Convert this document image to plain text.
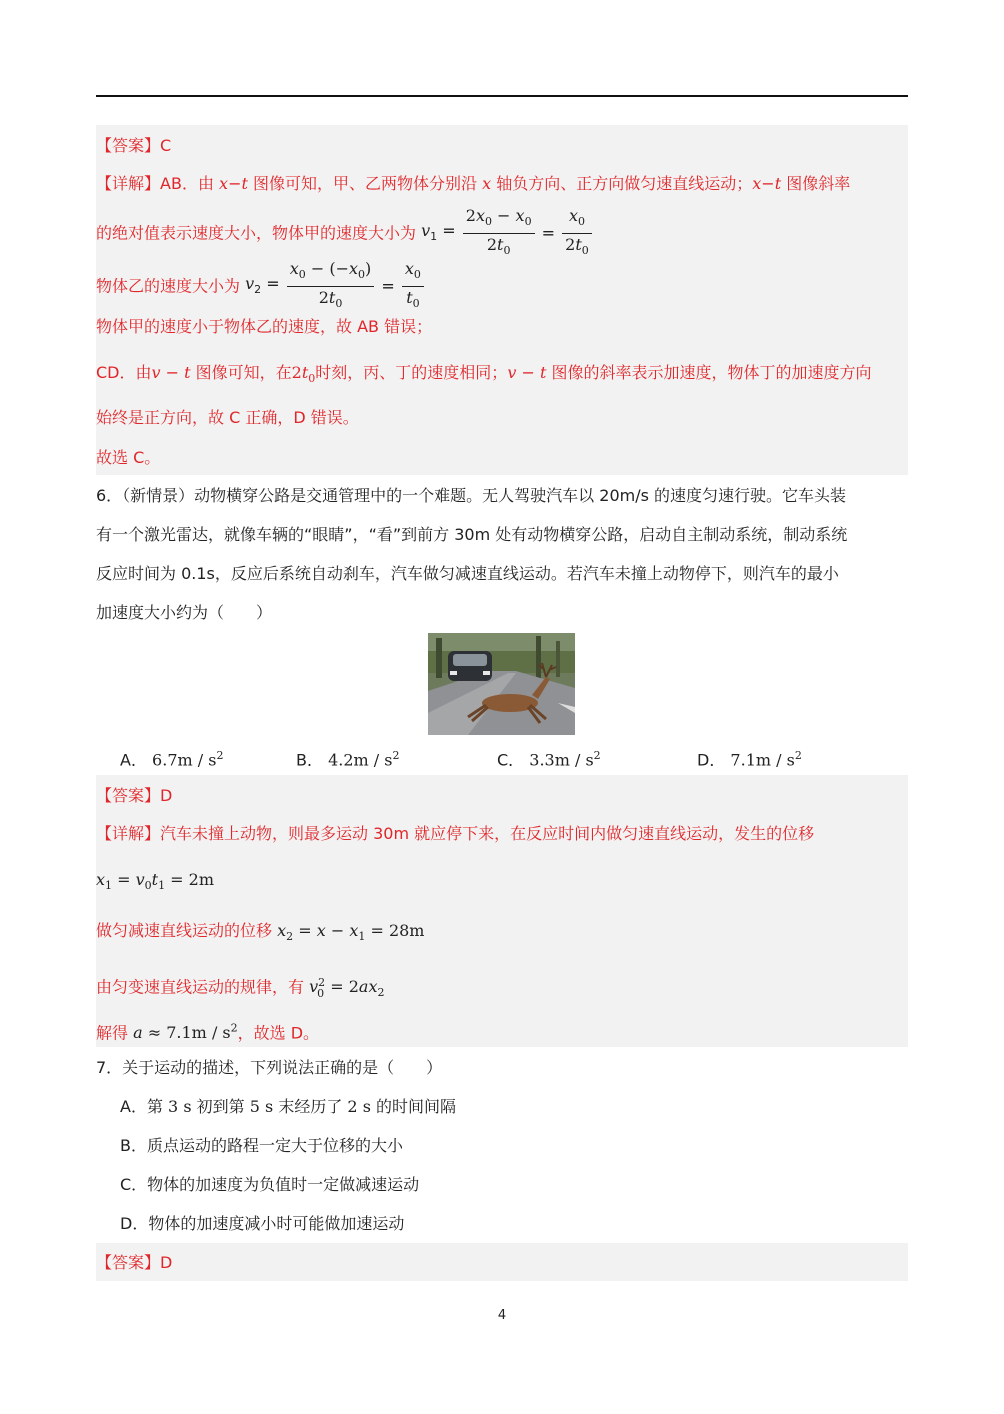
【答案】C
【详解】AB．由 x−t 图像可知，甲、乙两物体分别沿 x 轴负方向、正方向做匀速直线运动；x−t 图像斜率
的绝对值表示速度大小，物体甲的速度大小为 $v_1 = \frac{2x_0 - x_0}{2t_0} = \frac{x_0}{2t_0}$
物体乙的速度大小为 $v_2 = \frac{x_0 - (-x_0)}{2t_0} = \frac{x_0}{t_0}$
物体甲的速度小于物体乙的速度，故 AB 错误；
CD．由v − t 图像可知，在$2t_0$时刻，丙、丁的速度相同；v − t 图像的斜率表示加速度，物体丁的加速度方向
始终是正方向，故 C 正确，D 错误。
故选 C。
6．（新情景）动物横穿公路是交通管理中的一个难题。无人驾驶汽车以 20m/s 的速度匀速行驶。它车头装
有一个激光雷达，就像车辆的“眼睛”，“看”到前方 30m 处有动物横穿公路，启动自主制动系统，制动系统
反应时间为 0.1s，反应后系统自动刹车，汽车做匀减速直线运动。若汽车未撞上动物停下，则汽车的最小
加速度大小约为（　　）
A． $6.7m / s^2$	B． $4.2m / s^2$	C． $3.3m / s^2$	D． $7.1m / s^2$
【答案】D
【详解】汽车未撞上动物，则最多运动 30m 就应停下来，在反应时间内做匀速直线运动，发生的位移
$x_1 = v_0t_1 = 2m$
做匀减速直线运动的位移 $x_2 = x - x_1 = 28m$
由匀变速直线运动的规律，有 $v_0^2 = 2ax_2$
解得 $a \approx 7.1m / s^2$，故选 D。
7．关于运动的描述，下列说法正确的是（　　）
A．第 3 s 初到第 5 s 末经历了 2 s 的时间间隔
B．质点运动的路程一定大于位移的大小
C．物体的加速度为负值时一定做减速运动
D．物体的加速度减小时可能做加速运动
【答案】D
4
